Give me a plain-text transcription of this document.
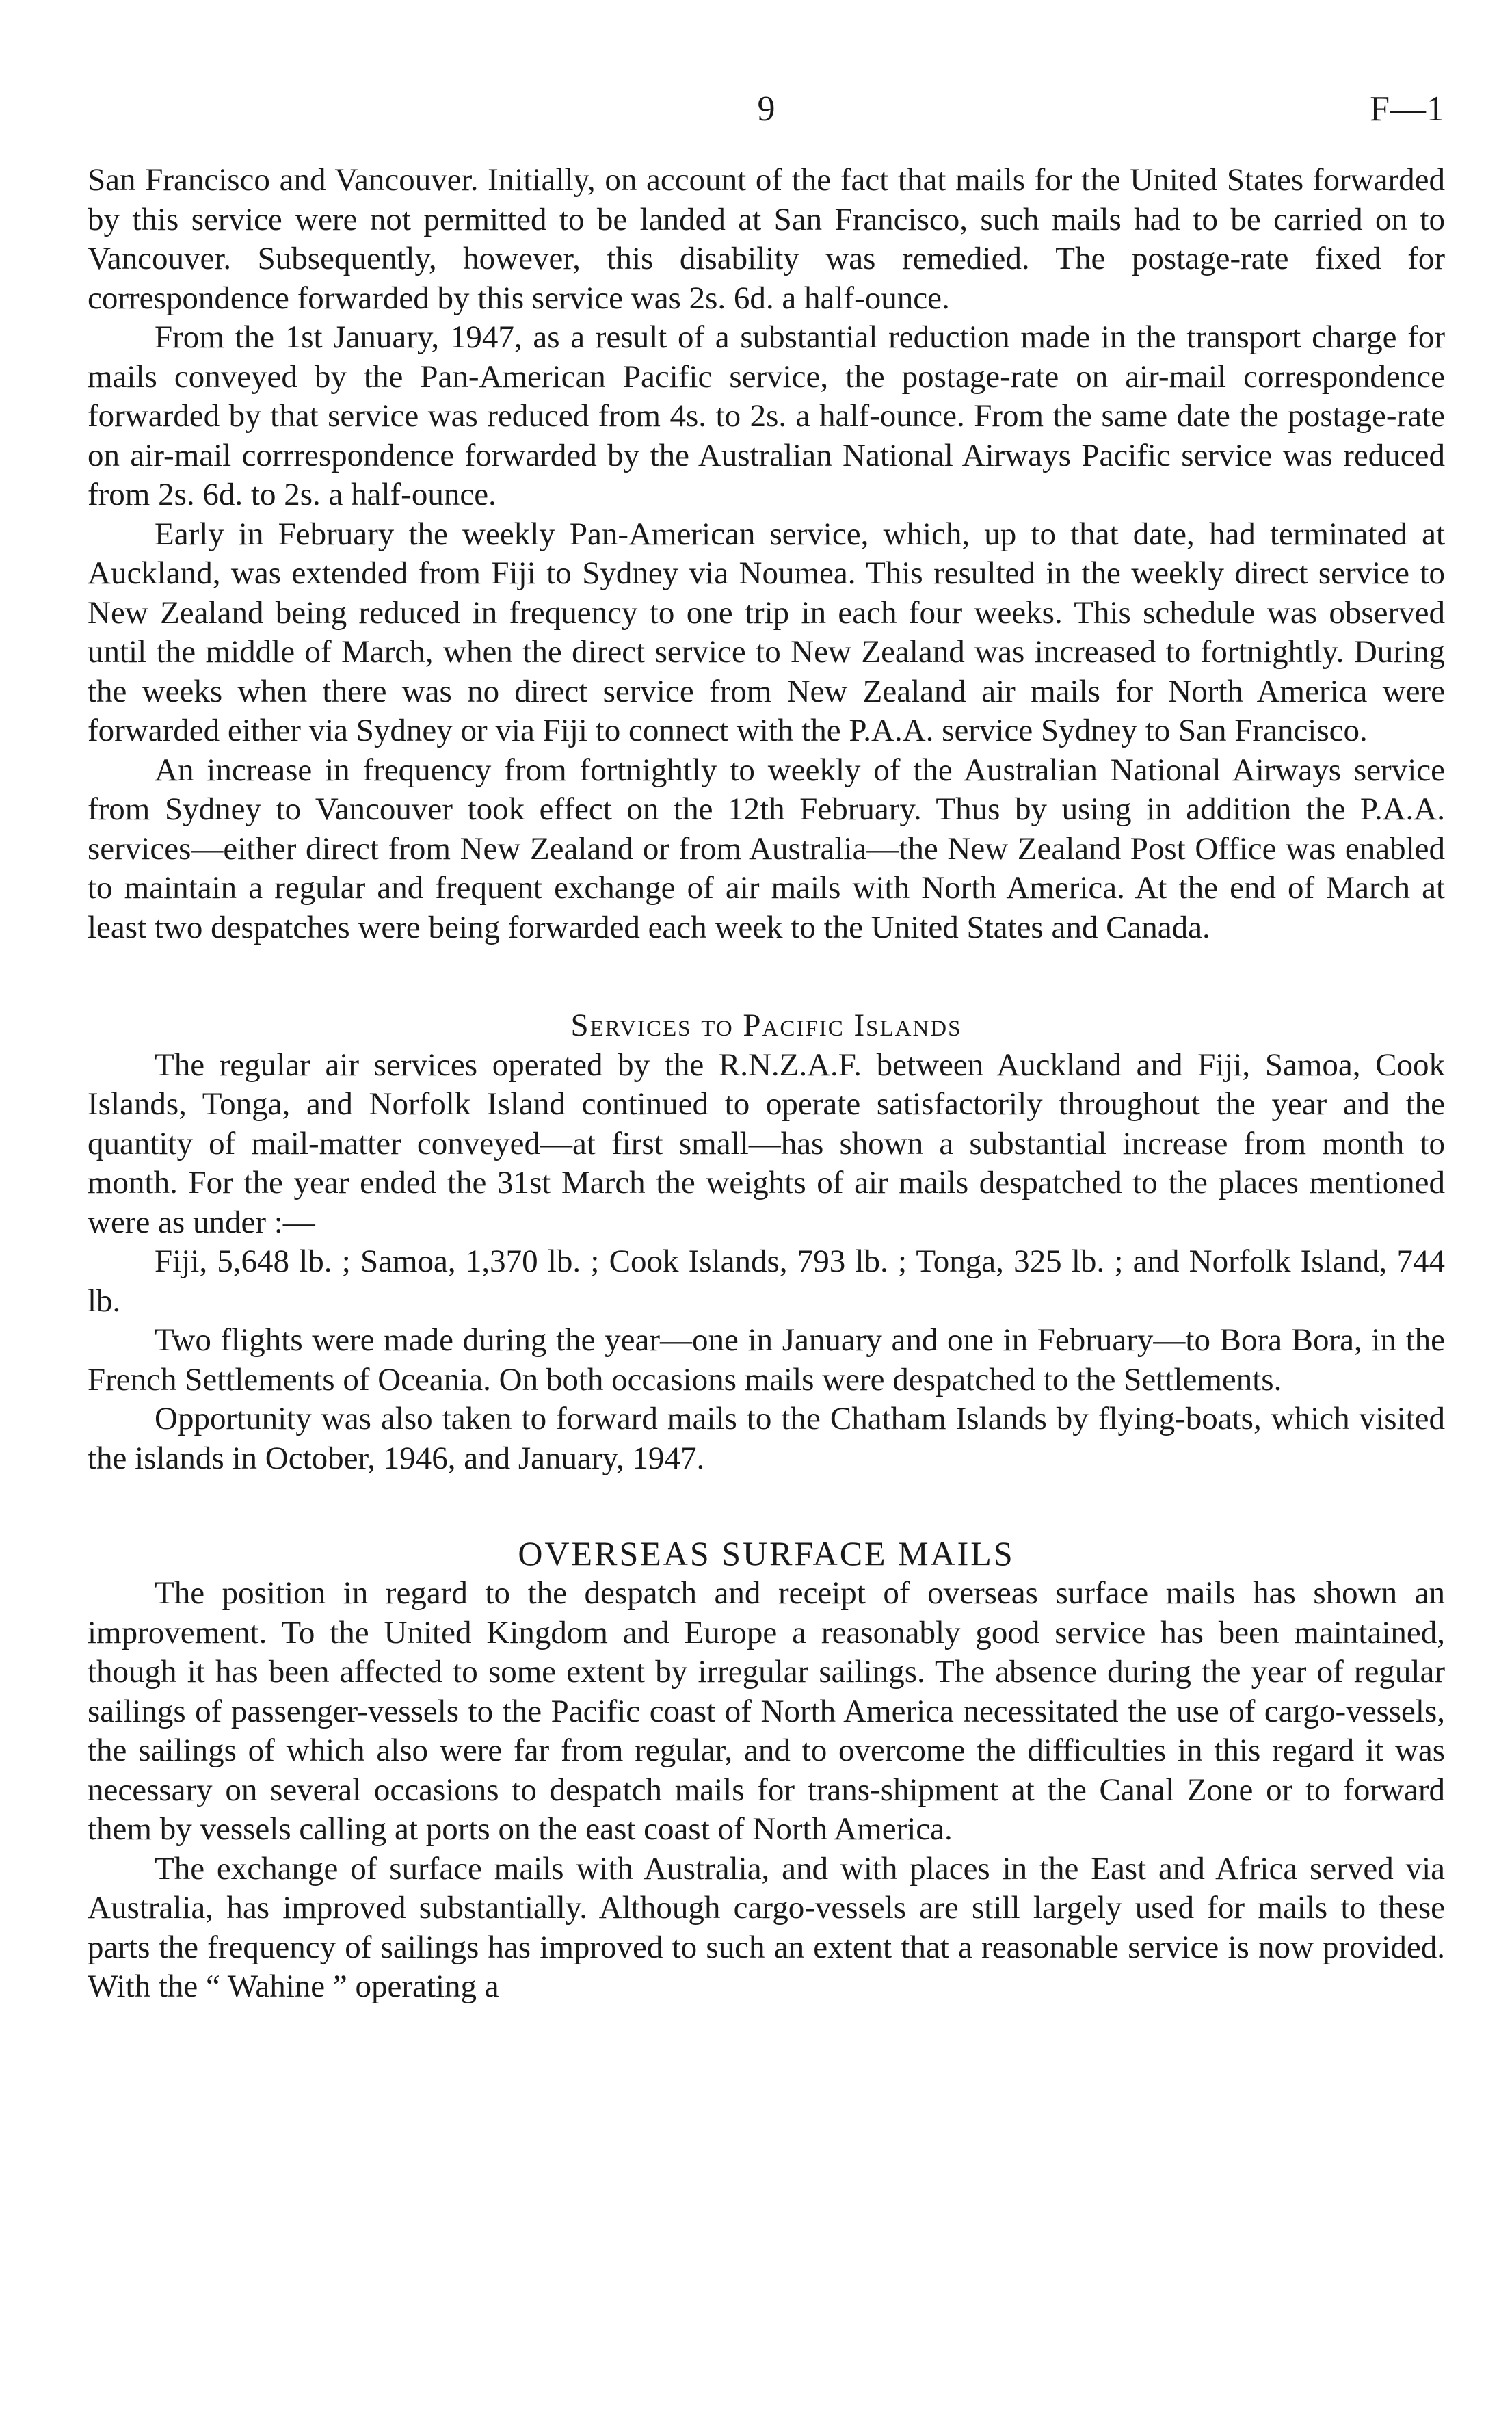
9	F—1

San Francisco and Vancouver. Initially, on account of the fact that mails for the United States forwarded by this service were not permitted to be landed at San Francisco, such mails had to be carried on to Vancouver. Subsequently, however, this disability was remedied. The postage-rate fixed for correspondence forwarded by this service was 2s. 6d. a half-ounce.

From the 1st January, 1947, as a result of a substantial reduction made in the transport charge for mails conveyed by the Pan-American Pacific service, the postage-rate on air-mail correspondence forwarded by that service was reduced from 4s. to 2s. a half-ounce. From the same date the postage-rate on air-mail corrrespondence forwarded by the Australian National Airways Pacific service was reduced from 2s. 6d. to 2s. a half-ounce.

Early in February the weekly Pan-American service, which, up to that date, had terminated at Auckland, was extended from Fiji to Sydney via Noumea. This resulted in the weekly direct service to New Zealand being reduced in frequency to one trip in each four weeks. This schedule was observed until the middle of March, when the direct service to New Zealand was increased to fortnightly. During the weeks when there was no direct service from New Zealand air mails for North America were forwarded either via Sydney or via Fiji to connect with the P.A.A. service Sydney to San Francisco.

An increase in frequency from fortnightly to weekly of the Australian National Airways service from Sydney to Vancouver took effect on the 12th February. Thus by using in addition the P.A.A. services—either direct from New Zealand or from Australia—the New Zealand Post Office was enabled to maintain a regular and frequent exchange of air mails with North America. At the end of March at least two despatches were being forwarded each week to the United States and Canada.

Services to Pacific Islands

The regular air services operated by the R.N.Z.A.F. between Auckland and Fiji, Samoa, Cook Islands, Tonga, and Norfolk Island continued to operate satisfactorily throughout the year and the quantity of mail-matter conveyed—at first small—has shown a substantial increase from month to month. For the year ended the 31st March the weights of air mails despatched to the places mentioned were as under :—

Fiji, 5,648 lb. ; Samoa, 1,370 lb. ; Cook Islands, 793 lb. ; Tonga, 325 lb. ; and Norfolk Island, 744 lb.

Two flights were made during the year—one in January and one in February—to Bora Bora, in the French Settlements of Oceania. On both occasions mails were despatched to the Settlements.

Opportunity was also taken to forward mails to the Chatham Islands by flying-boats, which visited the islands in October, 1946, and January, 1947.

OVERSEAS SURFACE MAILS

The position in regard to the despatch and receipt of overseas surface mails has shown an improvement. To the United Kingdom and Europe a reasonably good service has been maintained, though it has been affected to some extent by irregular sailings. The absence during the year of regular sailings of passenger-vessels to the Pacific coast of North America necessitated the use of cargo-vessels, the sailings of which also were far from regular, and to overcome the difficulties in this regard it was necessary on several occasions to despatch mails for trans-shipment at the Canal Zone or to forward them by vessels calling at ports on the east coast of North America.

The exchange of surface mails with Australia, and with places in the East and Africa served via Australia, has improved substantially. Although cargo-vessels are still largely used for mails to these parts the frequency of sailings has improved to such an extent that a reasonable service is now provided. With the “ Wahine ” operating a
